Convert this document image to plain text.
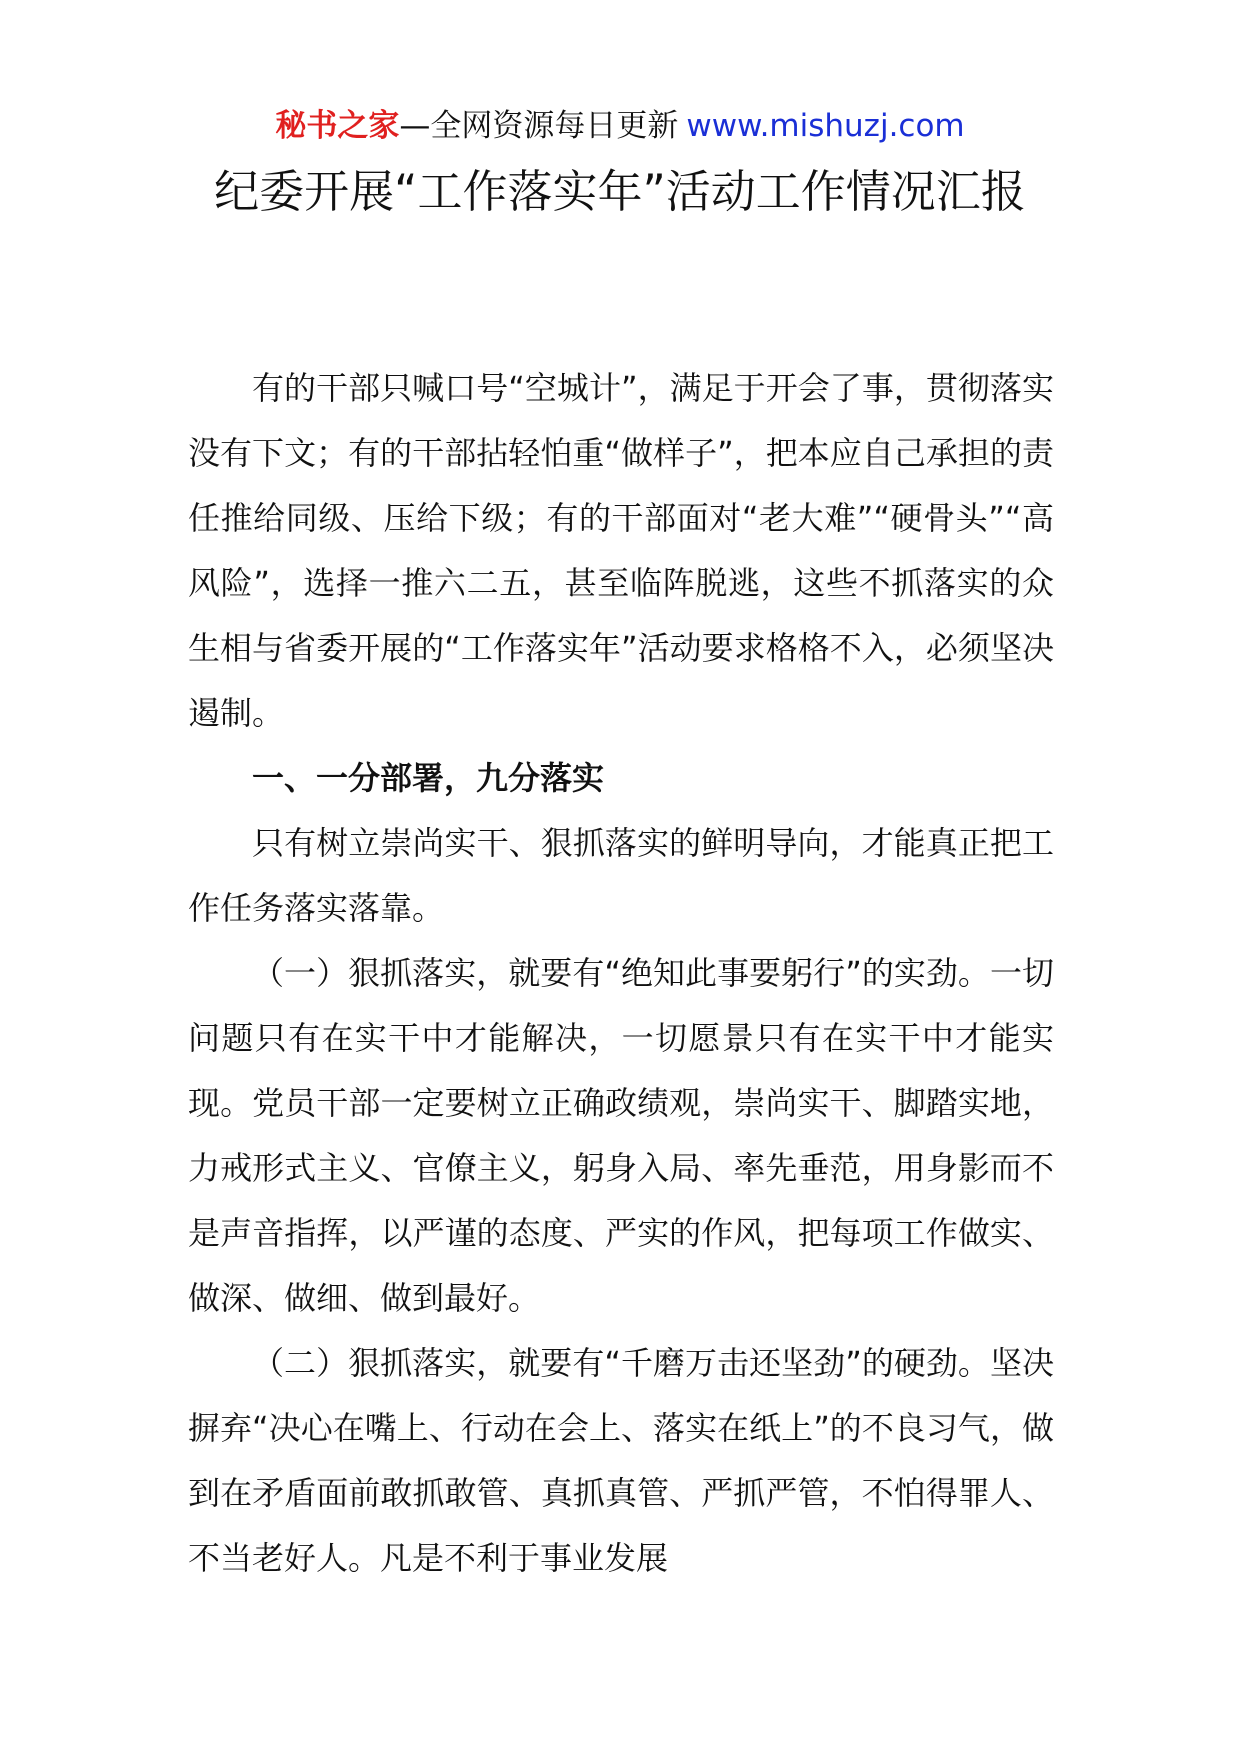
秘书之家—全网资源每日更新 www.mishuzj.com
纪委开展“工作落实年”活动工作情况汇报

有的干部只喊口号“空城计”，满足于开会了事，贯彻落实没有下文；有的干部拈轻怕重“做样子”，把本应自己承担的责任推给同级、压给下级；有的干部面对“老大难”“硬骨头”“高风险”，选择一推六二五，甚至临阵脱逃，这些不抓落实的众生相与省委开展的“工作落实年”活动要求格格不入，必须坚决遏制。

一、一分部署，九分落实

只有树立崇尚实干、狠抓落实的鲜明导向，才能真正把工作任务落实落靠。

（一）狠抓落实，就要有“绝知此事要躬行”的实劲。一切问题只有在实干中才能解决，一切愿景只有在实干中才能实现。党员干部一定要树立正确政绩观，崇尚实干、脚踏实地，力戒形式主义、官僚主义，躬身入局、率先垂范，用身影而不是声音指挥，以严谨的态度、严实的作风，把每项工作做实、做深、做细、做到最好。

（二）狠抓落实，就要有“千磨万击还坚劲”的硬劲。坚决摒弃“决心在嘴上、行动在会上、落实在纸上”的不良习气，做到在矛盾面前敢抓敢管、真抓真管、严抓严管，不怕得罪人、不当老好人。凡是不利于事业发展
